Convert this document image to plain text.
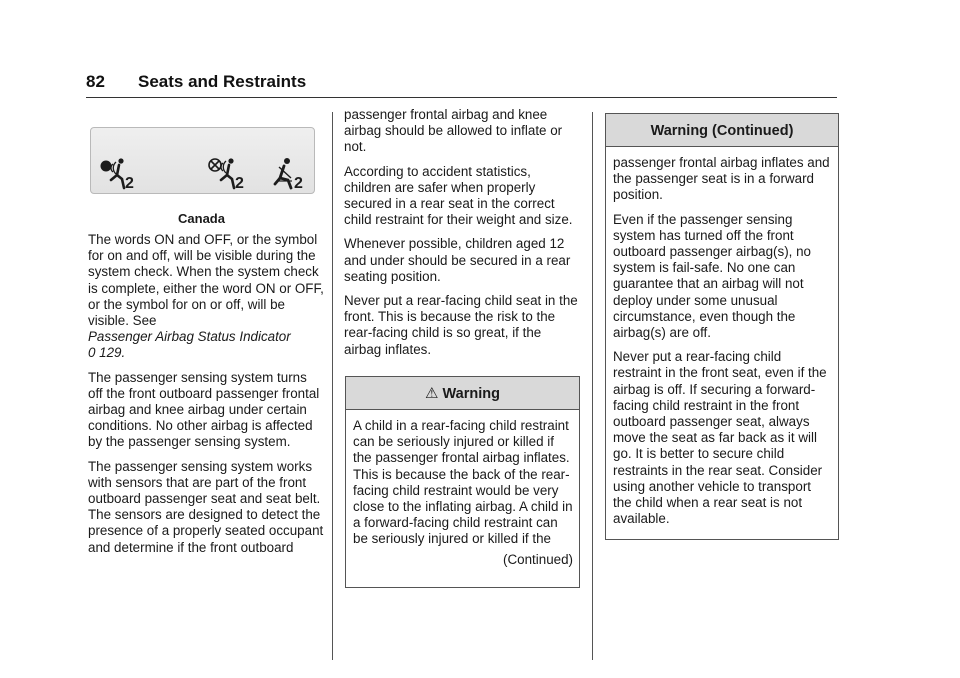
82 Seats and Restraints
2	2	2
Canada

The words ON and OFF, or the symbol for on and off, will be visible during the system check. When the system check is complete, either the word ON or OFF, or the symbol for on or off, will be visible. See
Passenger Airbag Status Indicator
0 129.

The passenger sensing system turns off the front outboard passenger frontal airbag and knee airbag under certain conditions. No other airbag is affected by the passenger sensing system.

The passenger sensing system works with sensors that are part of the front outboard passenger seat and seat belt. The sensors are designed to detect the presence of a properly seated occupant and determine if the front outboard

passenger frontal airbag and knee airbag should be allowed to inflate or not.

According to accident statistics, children are safer when properly secured in a rear seat in the correct child restraint for their weight and size.

Whenever possible, children aged 12 and under should be secured in a rear seating position.

Never put a rear-facing child seat in the front. This is because the risk to the rear-facing child is so great, if the airbag inflates.

⚠ Warning

A child in a rear-facing child restraint can be seriously injured or killed if the passenger frontal airbag inflates. This is because the back of the rear-facing child restraint would be very close to the inflating airbag. A child in a forward-facing child restraint can be seriously injured or killed if the

(Continued)
Warning (Continued)

passenger frontal airbag inflates and the passenger seat is in a forward position.

Even if the passenger sensing system has turned off the front outboard passenger airbag(s), no system is fail-safe. No one can guarantee that an airbag will not deploy under some unusual circumstance, even though the airbag(s) are off.

Never put a rear-facing child restraint in the front seat, even if the airbag is off. If securing a forward-facing child restraint in the front outboard passenger seat, always move the seat as far back as it will go. It is better to secure child restraints in the rear seat. Consider using another vehicle to transport the child when a rear seat is not available.
